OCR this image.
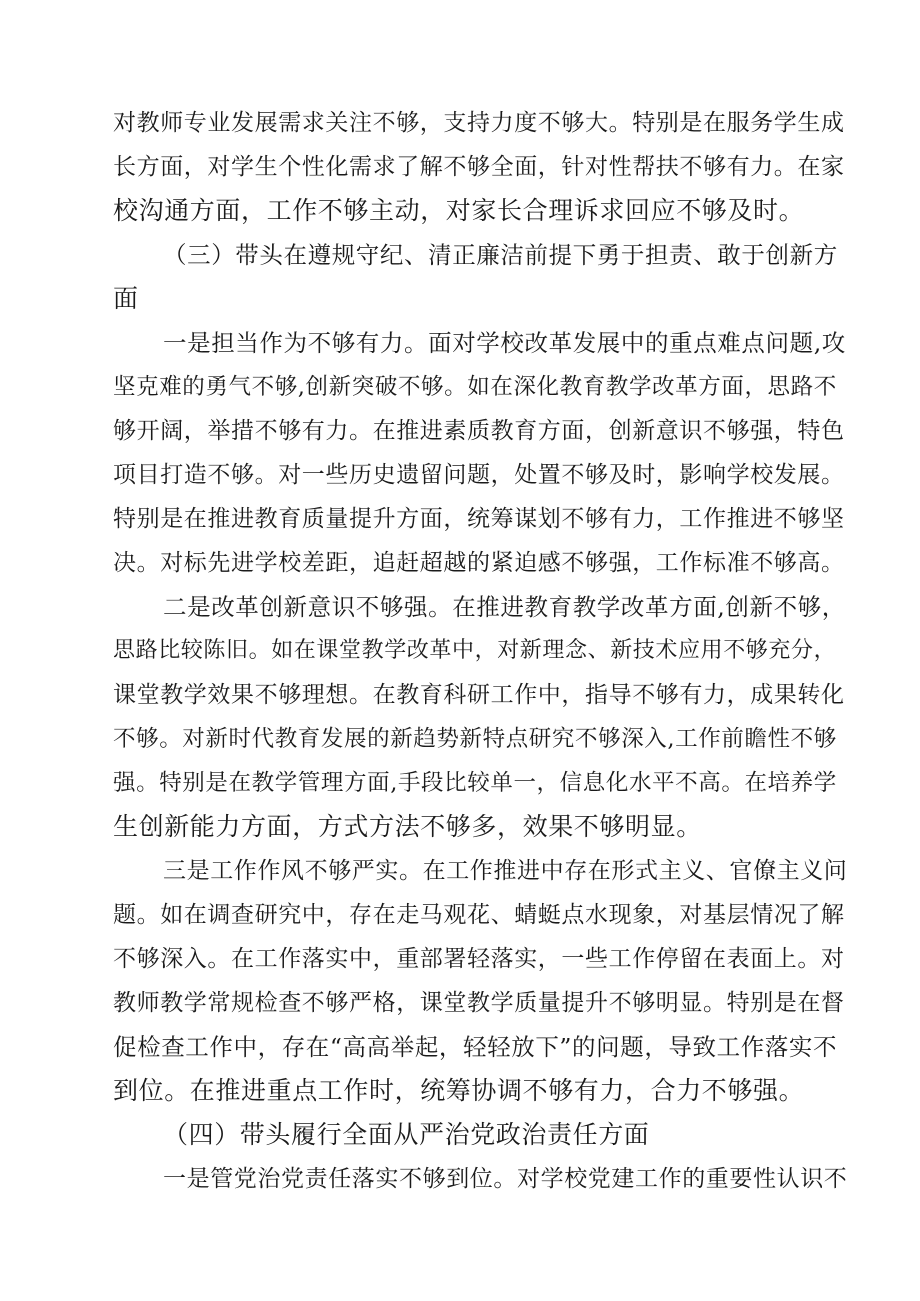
对教师专业发展需求关注不够，支持力度不够大。特别是在服务学生成
长方面，对学生个性化需求了解不够全面，针对性帮扶不够有力。在家
校沟通方面，工作不够主动，对家长合理诉求回应不够及时。
（三）带头在遵规守纪、清正廉洁前提下勇于担责、敢于创新方
面
一是担当作为不够有力。面对学校改革发展中的重点难点问题,攻
坚克难的勇气不够,创新突破不够。如在深化教育教学改革方面，思路不
够开阔，举措不够有力。在推进素质教育方面，创新意识不够强，特色
项目打造不够。对一些历史遗留问题，处置不够及时，影响学校发展。
特别是在推进教育质量提升方面，统筹谋划不够有力，工作推进不够坚
决。对标先进学校差距，追赶超越的紧迫感不够强，工作标准不够高。
二是改革创新意识不够强。在推进教育教学改革方面,创新不够，
思路比较陈旧。如在课堂教学改革中，对新理念、新技术应用不够充分，
课堂教学效果不够理想。在教育科研工作中，指导不够有力，成果转化
不够。对新时代教育发展的新趋势新特点研究不够深入,工作前瞻性不够
强。特别是在教学管理方面,手段比较单一，信息化水平不高。在培养学
生创新能力方面，方式方法不够多，效果不够明显。
三是工作作风不够严实。在工作推进中存在形式主义、官僚主义问
题。如在调查研究中，存在走马观花、蜻蜓点水现象，对基层情况了解
不够深入。在工作落实中，重部署轻落实，一些工作停留在表面上。对
教师教学常规检查不够严格，课堂教学质量提升不够明显。特别是在督
促检查工作中，存在“高高举起，轻轻放下”的问题，导致工作落实不
到位。在推进重点工作时，统筹协调不够有力，合力不够强。
（四）带头履行全面从严治党政治责任方面
一是管党治党责任落实不够到位。对学校党建工作的重要性认识不
